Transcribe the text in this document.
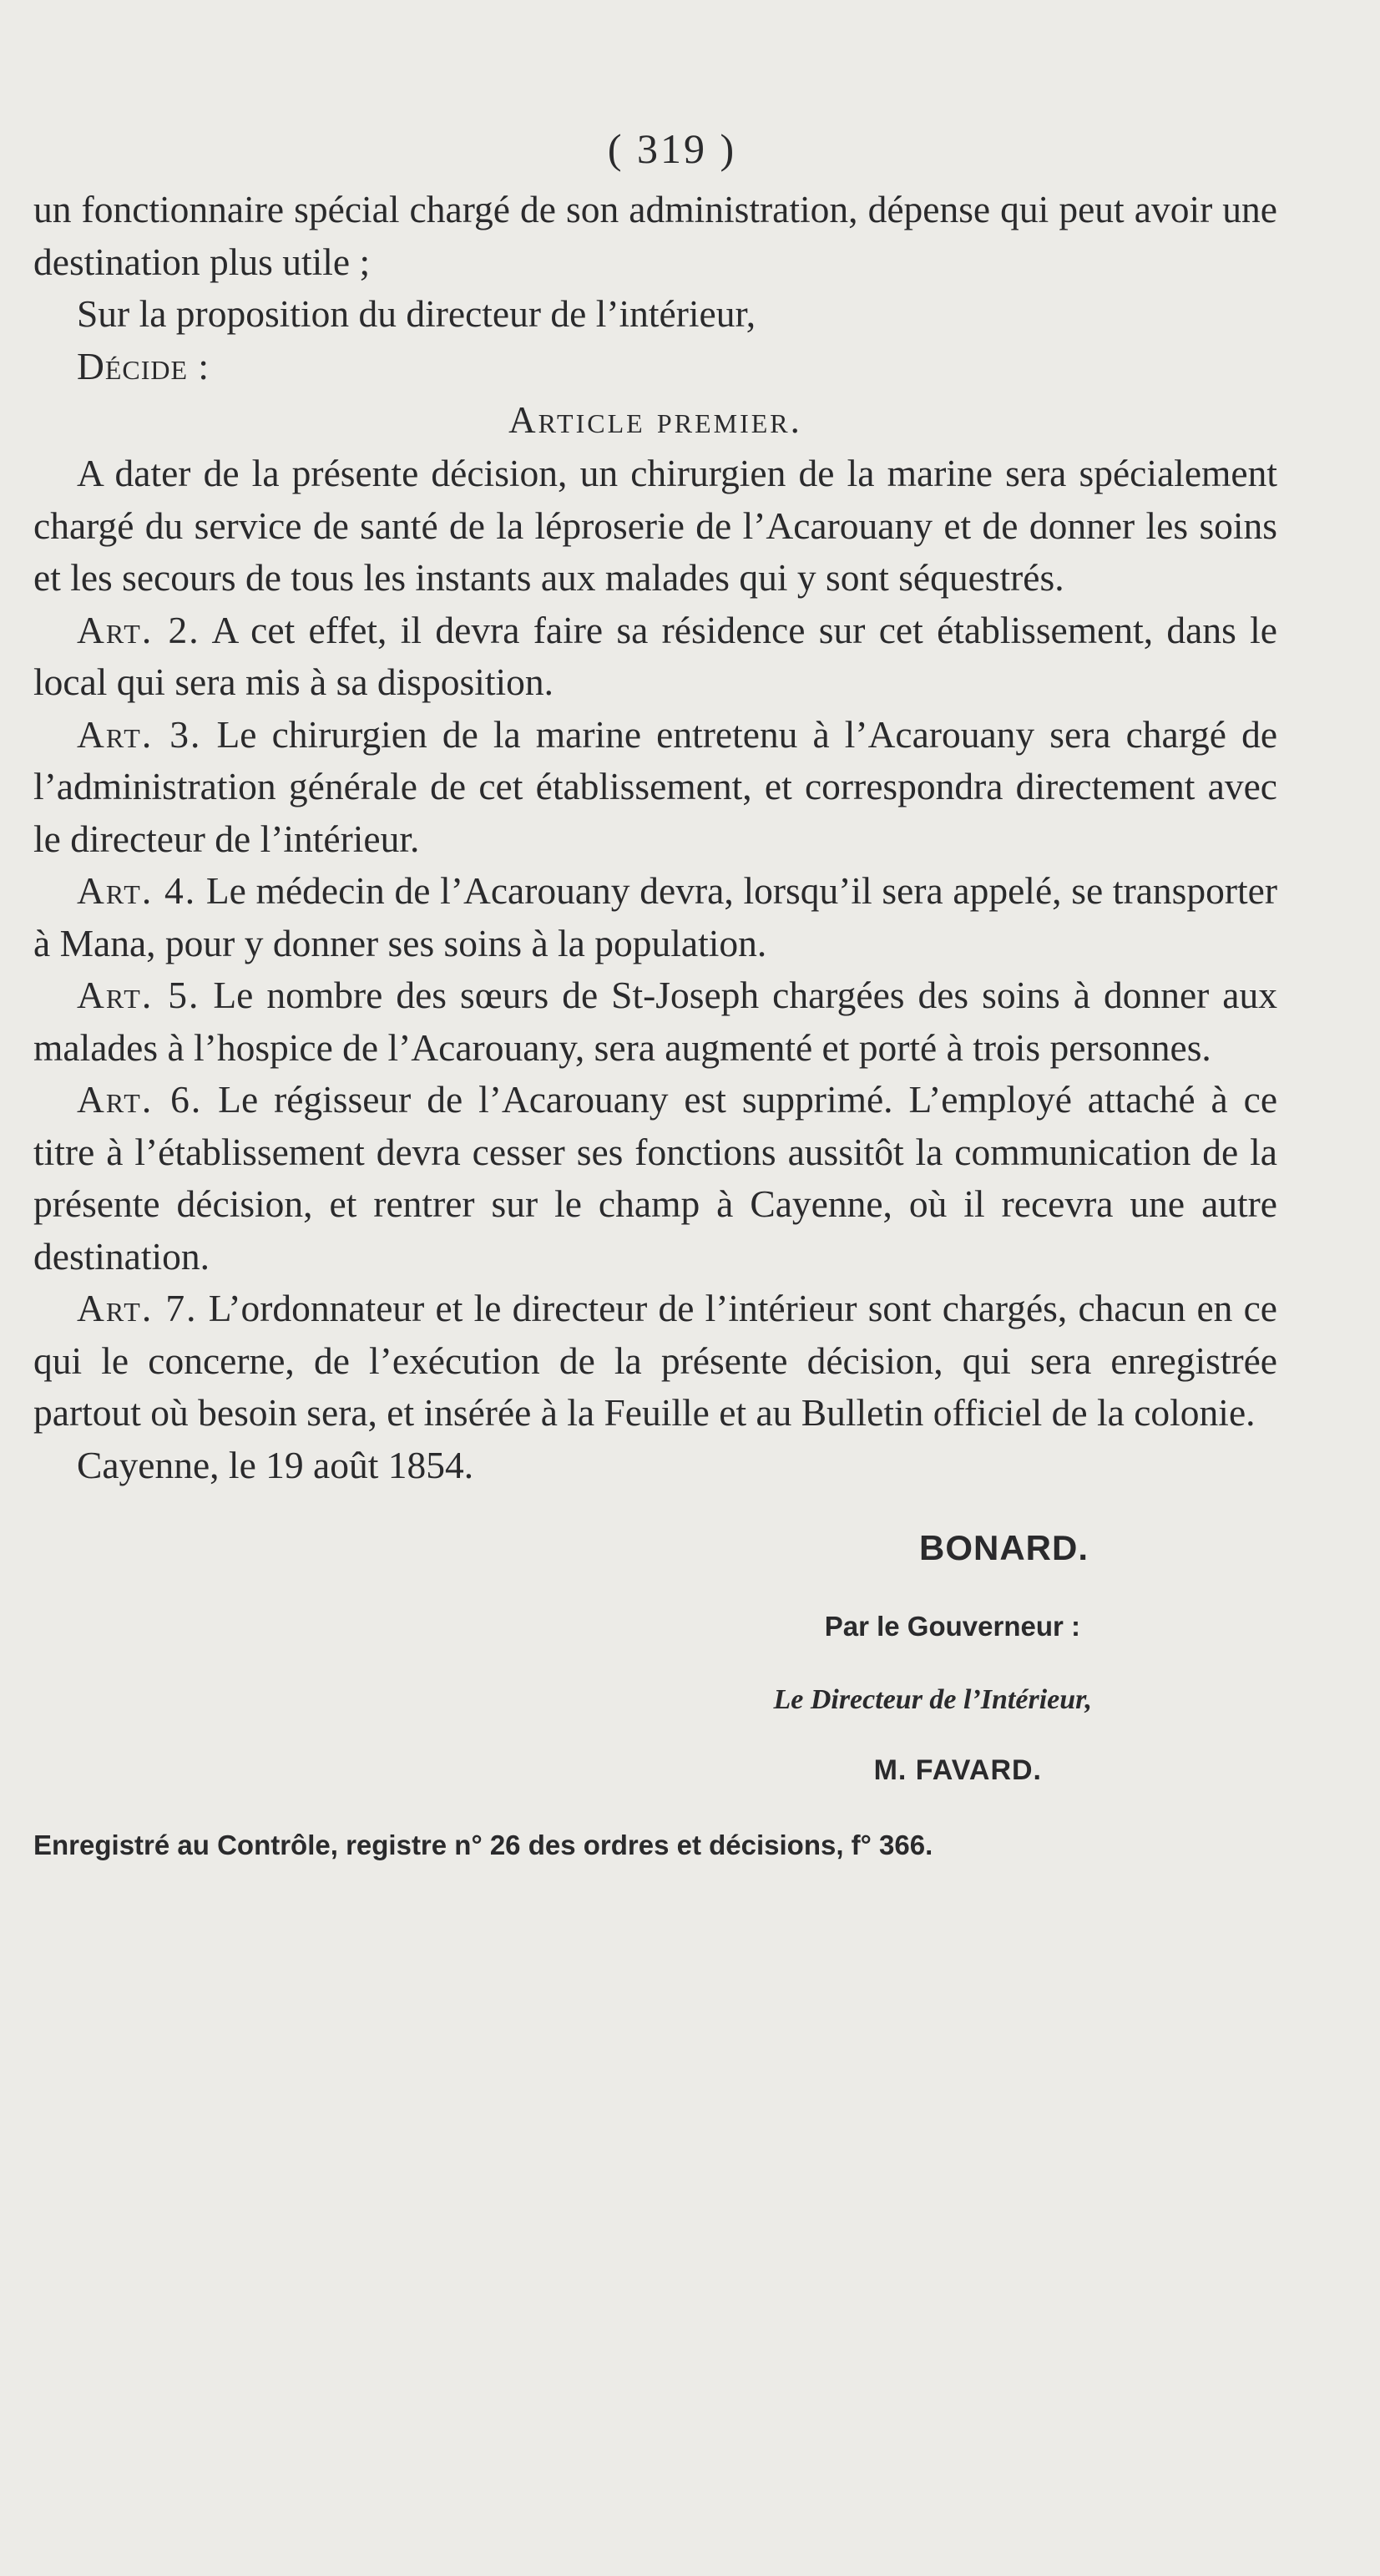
( 319 )

un fonctionnaire spécial chargé de son administration, dépense qui peut avoir une destination plus utile ;

Sur la proposition du directeur de l’intérieur,

Décide :

Article premier.

A dater de la présente décision, un chirurgien de la marine sera spécialement chargé du service de santé de la léproserie de l’Acarouany et de donner les soins et les secours de tous les instants aux malades qui y sont séquestrés.

Art. 2. A cet effet, il devra faire sa résidence sur cet établissement, dans le local qui sera mis à sa disposition.

Art. 3. Le chirurgien de la marine entretenu à l’Acarouany sera chargé de l’administration générale de cet établissement, et correspondra directement avec le directeur de l’intérieur.

Art. 4. Le médecin de l’Acarouany devra, lorsqu’il sera appelé, se transporter à Mana, pour y donner ses soins à la population.

Art. 5. Le nombre des sœurs de St-Joseph chargées des soins à donner aux malades à l’hospice de l’Acarouany, sera augmenté et porté à trois personnes.

Art. 6. Le régisseur de l’Acarouany est supprimé. L’employé attaché à ce titre à l’établissement devra cesser ses fonctions aussitôt la communication de la présente décision, et rentrer sur le champ à Cayenne, où il recevra une autre destination.

Art. 7. L’ordonnateur et le directeur de l’intérieur sont chargés, chacun en ce qui le concerne, de l’exécution de la présente décision, qui sera enregistrée partout où besoin sera, et insérée à la Feuille et au Bulletin officiel de la colonie.

Cayenne, le 19 août 1854.

BONARD.
Par le Gouverneur :
Le Directeur de l’Intérieur,
M. FAVARD.
Enregistré au Contrôle, registre n° 26 des ordres et décisions, f° 366.
